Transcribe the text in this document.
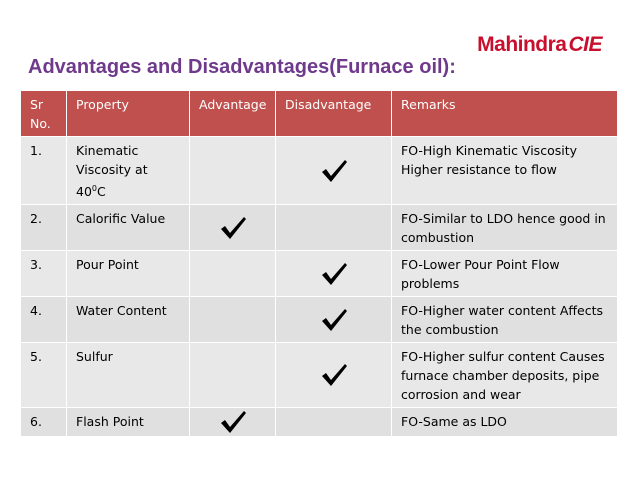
MahindraCIE
Advantages and Disadvantages(Furnace oil):
Sr No.	Property	Advantage	Disadvantage	Remarks
1.	Kinematic Viscosity at $40^0C$			FO-High Kinematic Viscosity Higher resistance to flow
2.	Calorific Value			FO-Similar to LDO hence good in combustion
3.	Pour Point			FO-Lower Pour Point Flow problems
4.	Water Content			FO-Higher water content Affects the combustion
5.	Sulfur			FO-Higher sulfur content Causes furnace chamber deposits, pipe corrosion and wear
6.	Flash Point			FO-Same as LDO
